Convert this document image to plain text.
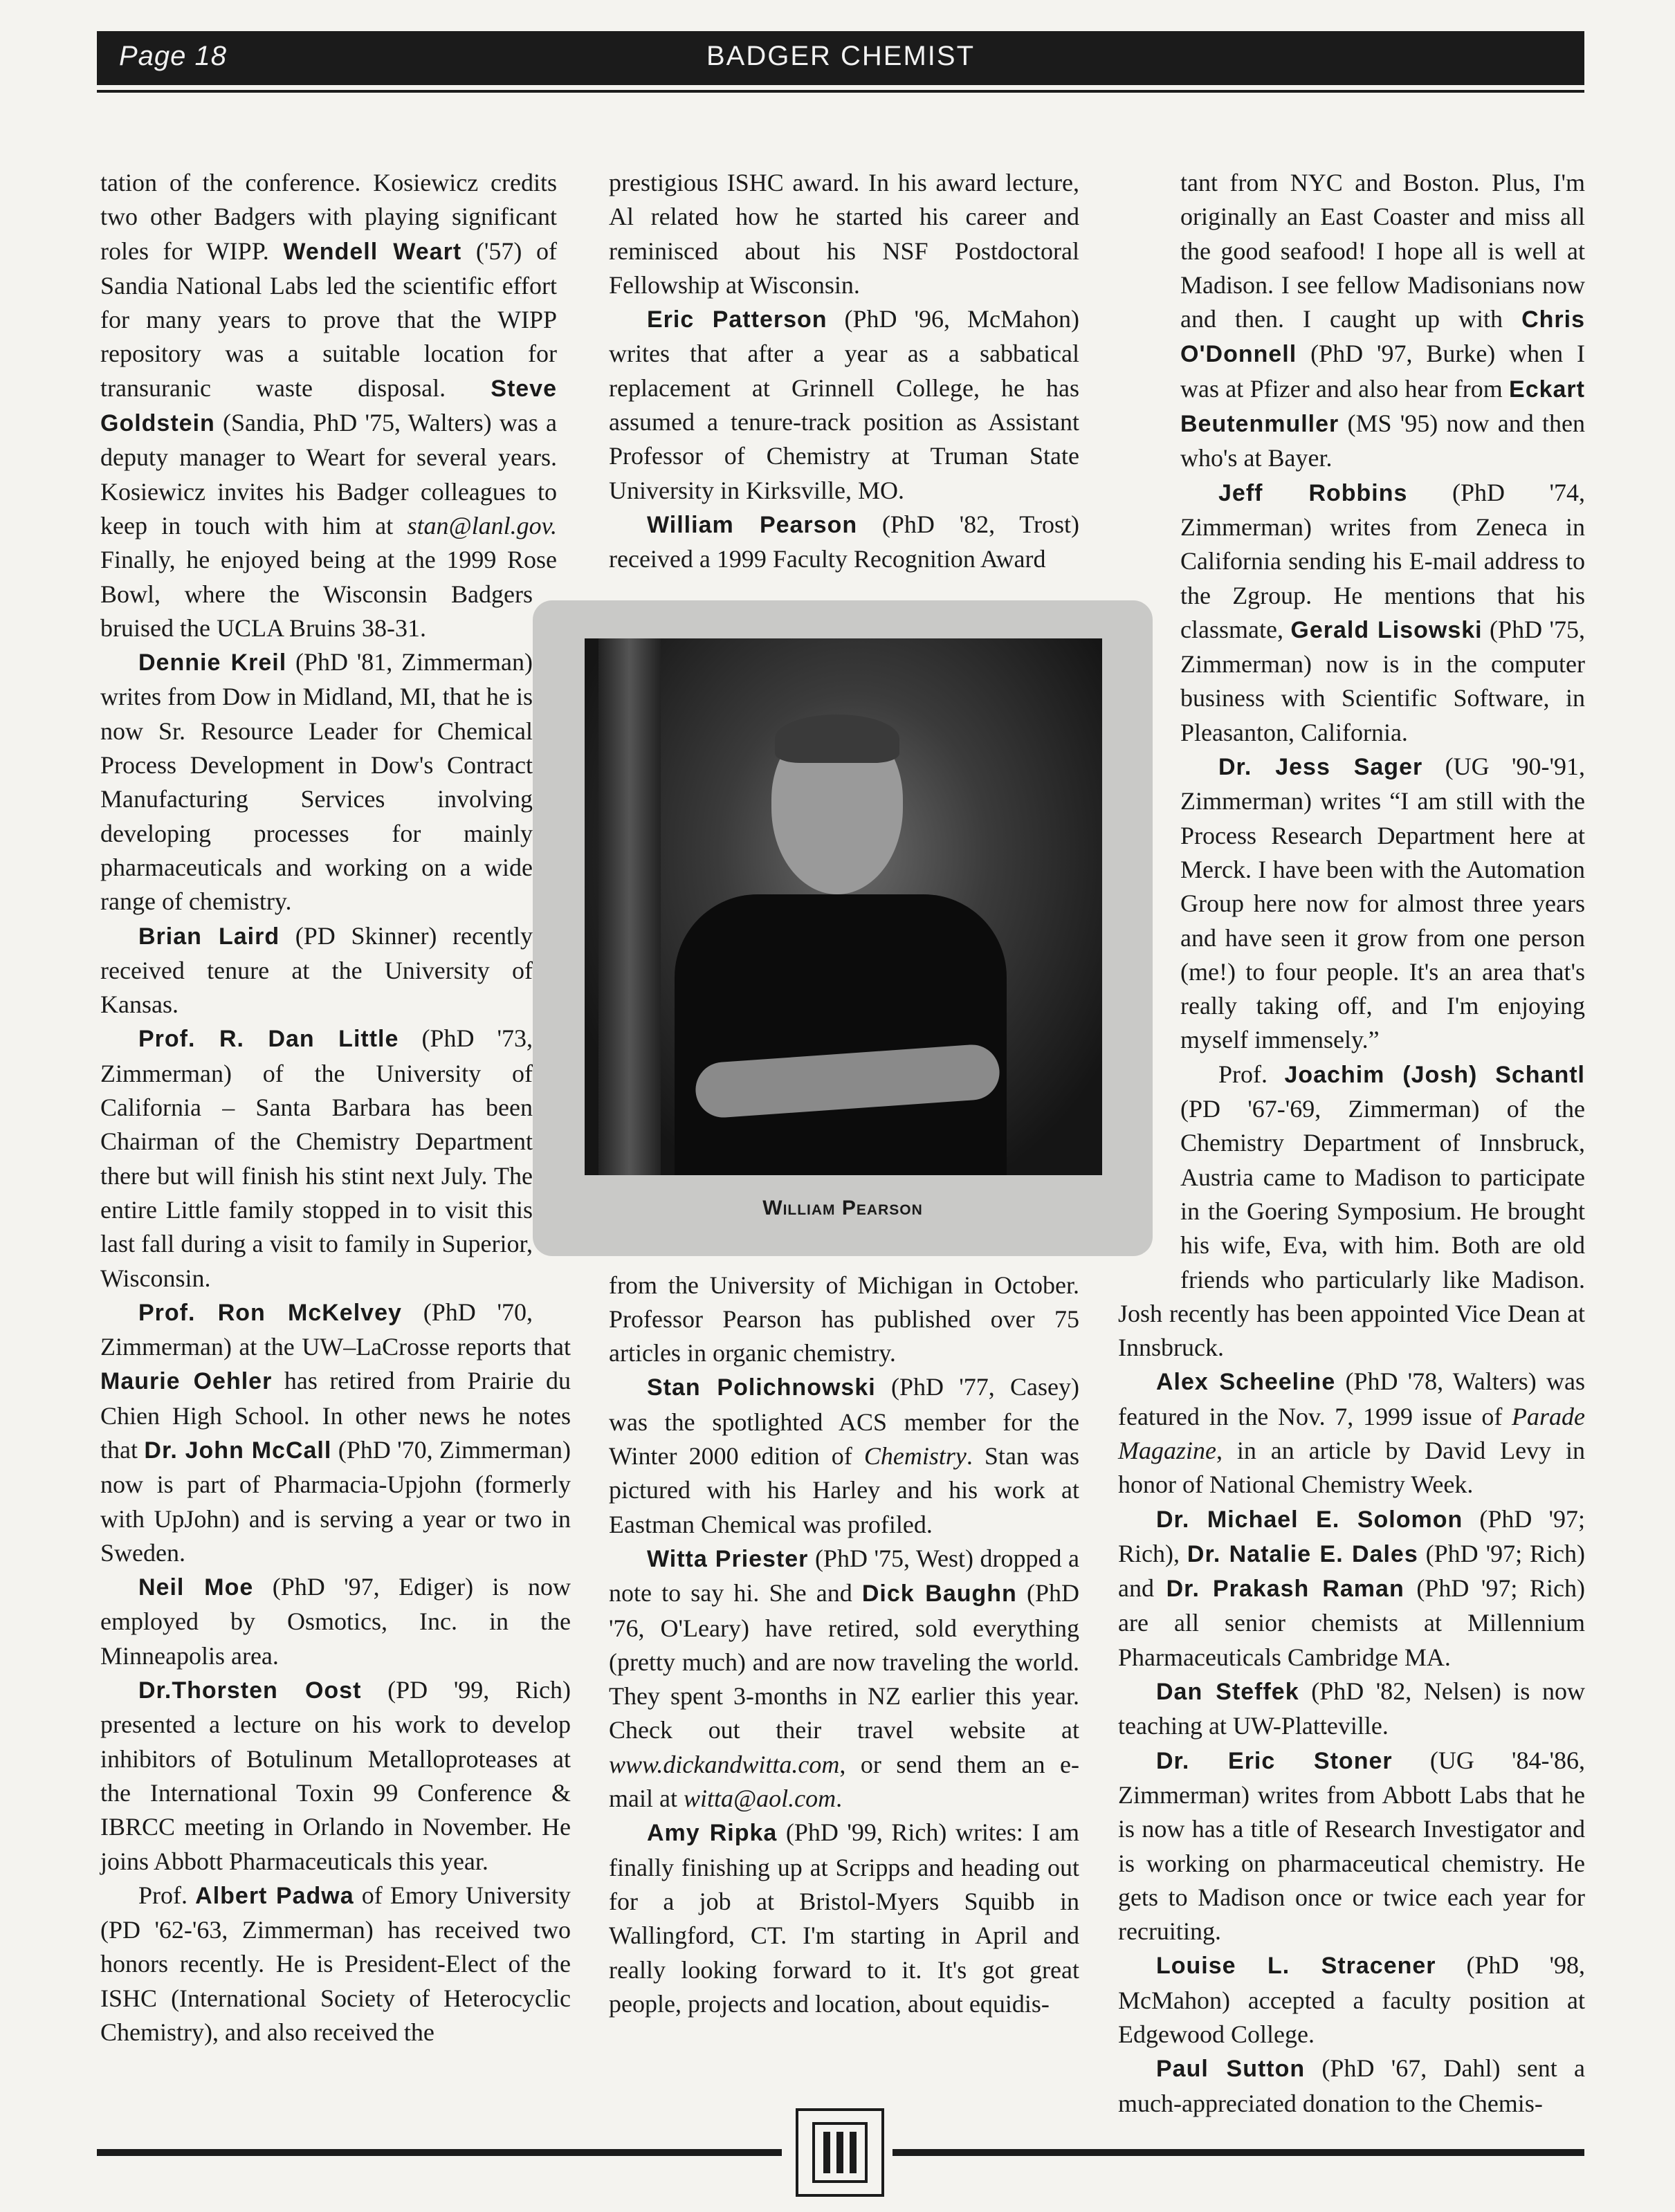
Page 18	BADGER CHEMIST

tation of the conference. Kosiewicz credits two other Badgers with playing significant roles for WIPP. Wendell Weart ('57) of Sandia National Labs led the scientific effort for many years to prove that the WIPP repository was a suitable location for transuranic waste disposal. Steve Goldstein (Sandia, PhD '75, Walters) was a deputy manager to Weart for several years. Kosiewicz invites his Badger colleagues to keep in touch with him at stan@lanl.gov. Finally, he enjoyed being at the 1999 Rose Bowl, where the Wisconsin Badgers bruised the UCLA Bruins 38-31.

Dennie Kreil (PhD '81, Zimmerman) writes from Dow in Midland, MI, that he is now Sr. Resource Leader for Chemical Process Development in Dow's Contract Manufacturing Services involving developing processes for mainly pharmaceuticals and working on a wide range of chemistry.

Brian Laird (PD Skinner) recently received tenure at the University of Kansas.

Prof. R. Dan Little (PhD '73, Zimmerman) of the University of California – Santa Barbara has been Chairman of the Chemistry Department there but will finish his stint next July. The entire Little family stopped in to visit this last fall during a visit to family in Superior, Wisconsin.

Prof. Ron McKelvey (PhD '70, Zimmerman) at the UW–LaCrosse reports that Maurie Oehler has retired from Prairie du Chien High School. In other news he notes that Dr. John McCall (PhD '70, Zimmerman) now is part of Pharmacia-Upjohn (formerly with UpJohn) and is serving a year or two in Sweden.

Neil Moe (PhD '97, Ediger) is now employed by Osmotics, Inc. in the Minneapolis area.

Dr.Thorsten Oost (PD '99, Rich) presented a lecture on his work to develop inhibitors of Botulinum Metalloproteases at the International Toxin 99 Conference & IBRCC meeting in Orlando in November. He joins Abbott Pharmaceuticals this year.

Prof. Albert Padwa of Emory University (PD '62-'63, Zimmerman) has received two honors recently. He is President-Elect of the ISHC (International Society of Heterocyclic Chemistry), and also received the

prestigious ISHC award. In his award lecture, Al related how he started his career and reminisced about his NSF Postdoctoral Fellowship at Wisconsin.

Eric Patterson (PhD '96, McMahon) writes that after a year as a sabbatical replacement at Grinnell College, he has assumed a tenure-track position as Assistant Professor of Chemistry at Truman State University in Kirksville, MO.

William Pearson (PhD '82, Trost) received a 1999 Faculty Recognition Award

from the University of Michigan in October. Professor Pearson has published over 75 articles in organic chemistry.

Stan Polichnowski (PhD '77, Casey) was the spotlighted ACS member for the Winter 2000 edition of Chemistry. Stan was pictured with his Harley and his work at Eastman Chemical was profiled.

Witta Priester (PhD '75, West) dropped a note to say hi. She and Dick Baughn (PhD '76, O'Leary) have retired, sold everything (pretty much) and are now traveling the world. They spent 3-months in NZ earlier this year. Check out their travel website at www.dickandwitta.com, or send them an e-mail at witta@aol.com.

Amy Ripka (PhD '99, Rich) writes: I am finally finishing up at Scripps and heading out for a job at Bristol-Myers Squibb in Wallingford, CT. I'm starting in April and really looking forward to it. It's got great people, projects and location, about equidis-

tant from NYC and Boston. Plus, I'm originally an East Coaster and miss all the good seafood! I hope all is well at Madison. I see fellow Madisonians now and then. I caught up with Chris O'Donnell (PhD '97, Burke) when I was at Pfizer and also hear from Eckart Beutenmuller (MS '95) now and then who's at Bayer.

Jeff Robbins (PhD '74, Zimmerman) writes from Zeneca in California sending his E-mail address to the Zgroup. He mentions that his classmate, Gerald Lisowski (PhD '75, Zimmerman) now is in the computer business with Scientific Software, in Pleasanton, California.

Dr. Jess Sager (UG '90-'91, Zimmerman) writes “I am still with the Process Research Department here at Merck. I have been with the Automation Group here now for almost three years and have seen it grow from one person (me!) to four people. It's an area that's really taking off, and I'm enjoying myself immensely.”

Prof. Joachim (Josh) Schantl (PD '67-'69, Zimmerman) of the Chemistry Department of Innsbruck, Austria came to Madison to participate in the Goering Symposium. He brought his wife, Eva, with him. Both are old friends who particularly like Madison. Josh recently has been appointed Vice Dean at Innsbruck.

Alex Scheeline (PhD '78, Walters) was featured in the Nov. 7, 1999 issue of Parade Magazine, in an article by David Levy in honor of National Chemistry Week.

Dr. Michael E. Solomon (PhD '97; Rich), Dr. Natalie E. Dales (PhD '97; Rich) and Dr. Prakash Raman (PhD '97; Rich) are all senior chemists at Millennium Pharmaceuticals Cambridge MA.

Dan Steffek (PhD '82, Nelsen) is now teaching at UW-Platteville.

Dr. Eric Stoner (UG '84-'86, Zimmerman) writes from Abbott Labs that he is now has a title of Research Investigator and is working on pharmaceutical chemistry. He gets to Madison once or twice each year for recruiting.

Louise L. Stracener (PhD '98, McMahon) accepted a faculty position at Edgewood College.

Paul Sutton (PhD '67, Dahl) sent a much-appreciated donation to the Chemis-

William Pearson
